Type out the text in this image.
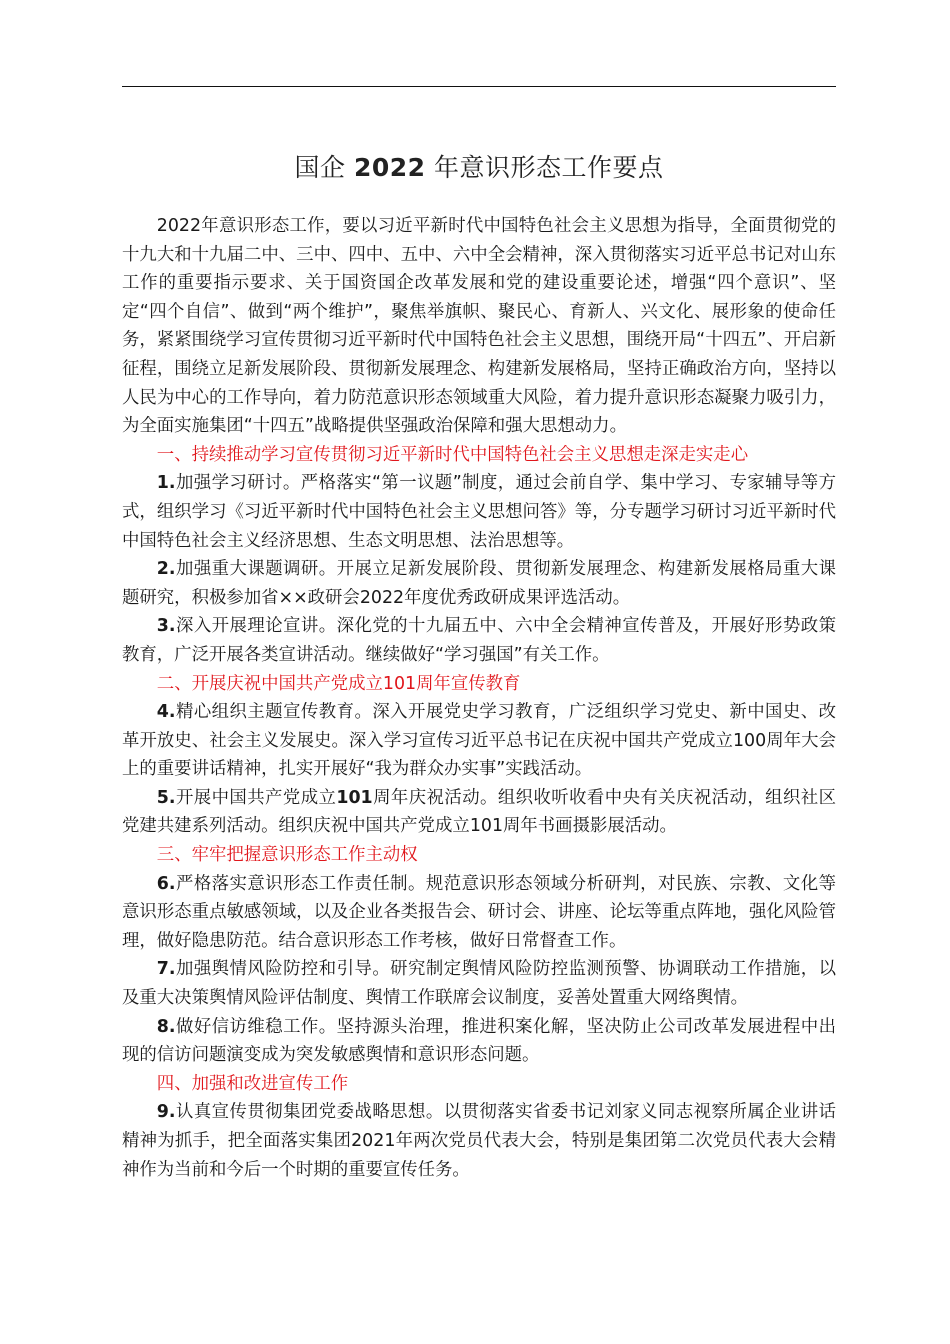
国企 2022 年意识形态工作要点

2022年意识形态工作，要以习近平新时代中国特色社会主义思想为指导，全面贯彻党的十九大和十九届二中、三中、四中、五中、六中全会精神，深入贯彻落实习近平总书记对山东工作的重要指示要求、关于国资国企改革发展和党的建设重要论述，增强“四个意识”、坚定“四个自信”、做到“两个维护”，聚焦举旗帜、聚民心、育新人、兴文化、展形象的使命任务，紧紧围绕学习宣传贯彻习近平新时代中国特色社会主义思想，围绕开局“十四五”、开启新征程，围绕立足新发展阶段、贯彻新发展理念、构建新发展格局，坚持正确政治方向，坚持以人民为中心的工作导向，着力防范意识形态领域重大风险，着力提升意识形态凝聚力吸引力，为全面实施集团“十四五”战略提供坚强政治保障和强大思想动力。

一、持续推动学习宣传贯彻习近平新时代中国特色社会主义思想走深走实走心

1.加强学习研讨。严格落实“第一议题”制度，通过会前自学、集中学习、专家辅导等方式，组织学习《习近平新时代中国特色社会主义思想问答》等，分专题学习研讨习近平新时代中国特色社会主义经济思想、生态文明思想、法治思想等。

2.加强重大课题调研。开展立足新发展阶段、贯彻新发展理念、构建新发展格局重大课题研究，积极参加省××政研会2022年度优秀政研成果评选活动。

3.深入开展理论宣讲。深化党的十九届五中、六中全会精神宣传普及，开展好形势政策教育，广泛开展各类宣讲活动。继续做好“学习强国”有关工作。

二、开展庆祝中国共产党成立101周年宣传教育

4.精心组织主题宣传教育。深入开展党史学习教育，广泛组织学习党史、新中国史、改革开放史、社会主义发展史。深入学习宣传习近平总书记在庆祝中国共产党成立100周年大会上的重要讲话精神，扎实开展好“我为群众办实事”实践活动。

5.开展中国共产党成立101周年庆祝活动。组织收听收看中央有关庆祝活动，组织社区党建共建系列活动。组织庆祝中国共产党成立101周年书画摄影展活动。

三、牢牢把握意识形态工作主动权

6.严格落实意识形态工作责任制。规范意识形态领域分析研判，对民族、宗教、文化等意识形态重点敏感领域，以及企业各类报告会、研讨会、讲座、论坛等重点阵地，强化风险管理，做好隐患防范。结合意识形态工作考核，做好日常督查工作。

7.加强舆情风险防控和引导。研究制定舆情风险防控监测预警、协调联动工作措施，以及重大决策舆情风险评估制度、舆情工作联席会议制度，妥善处置重大网络舆情。

8.做好信访维稳工作。坚持源头治理，推进积案化解，坚决防止公司改革发展进程中出现的信访问题演变成为突发敏感舆情和意识形态问题。

四、加强和改进宣传工作

9.认真宣传贯彻集团党委战略思想。以贯彻落实省委书记刘家义同志视察所属企业讲话精神为抓手，把全面落实集团2021年两次党员代表大会，特别是集团第二次党员代表大会精神作为当前和今后一个时期的重要宣传任务。
